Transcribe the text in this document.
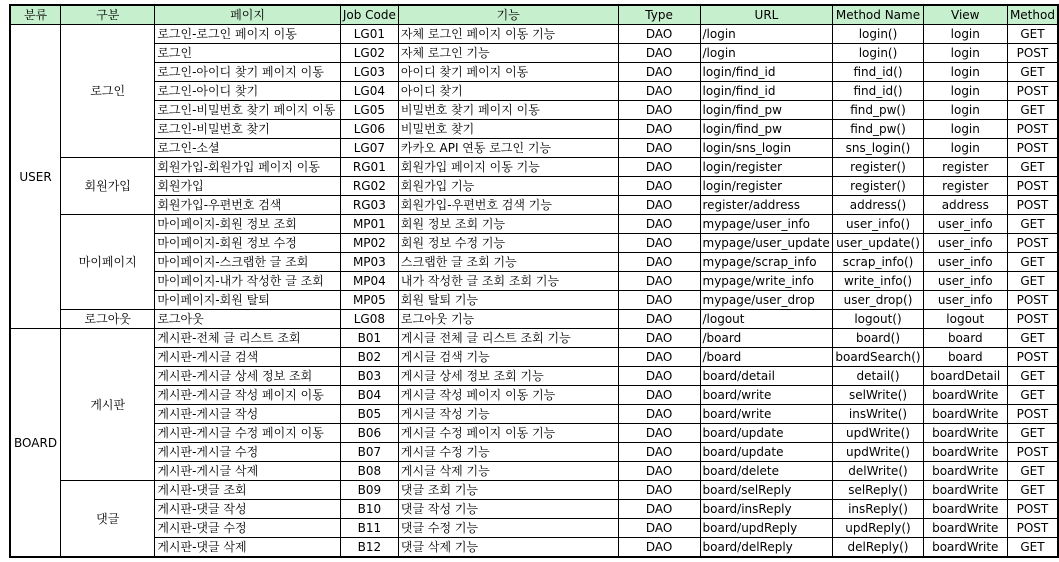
분류	구분	페이지	Job Code	기능	Type	URL	Method Name	View	Method
USER	로그인	로그인-로그인 페이지 이동	LG01	자체 로그인 페이지 이동 기능	DAO	/login	login()	login	GET
		로그인	LG02	자체 로그인 기능	DAO	/login	login()	login	POST
		로그인-아이디 찾기 페이지 이동	LG03	아이디 찾기 페이지 이동	DAO	login/find_id	find_id()	login	GET
		로그인-아이디 찾기	LG04	아이디 찾기	DAO	login/find_id	find_id()	login	POST
		로그인-비밀번호 찾기 페이지 이동	LG05	비밀번호 찾기 페이지 이동	DAO	login/find_pw	find_pw()	login	GET
		로그인-비밀번호 찾기	LG06	비밀번호 찾기	DAO	login/find_pw	find_pw()	login	POST
		로그인-소셜	LG07	카카오 API 연동 로그인 기능	DAO	login/sns_login	sns_login()	login	POST
	회원가입	회원가입-회원가입 페이지 이동	RG01	회원가입 페이지 이동 기능	DAO	login/register	register()	register	GET
		회원가입	RG02	회원가입 기능	DAO	login/register	register()	register	POST
		회원가입-우편번호 검색	RG03	회원가입-우편번호 검색 기능	DAO	register/address	address()	address	POST
	마이페이지	마이페이지-회원 정보 조회	MP01	회원 정보 조회 기능	DAO	mypage/user_info	user_info()	user_info	GET
		마이페이지-회원 정보 수정	MP02	회원 정보 수정 기능	DAO	mypage/user_update	user_update()	user_info	POST
		마이페이지-스크랩한 글 조회	MP03	스크랩한 글 조회 기능	DAO	mypage/scrap_info	scrap_info()	user_info	GET
		마이페이지-내가 작성한 글 조회	MP04	내가 작성한 글 조회 조회 기능	DAO	mypage/write_info	write_info()	user_info	GET
		마이페이지-회원 탈퇴	MP05	회원 탈퇴 기능	DAO	mypage/user_drop	user_drop()	user_info	POST
	로그아웃	로그아웃	LG08	로그아웃 기능	DAO	/logout	logout()	logout	POST
BOARD	게시판	게시판-전체 글 리스트 조회	B01	게시글 전체 글 리스트 조회 기능	DAO	/board	board()	board	GET
		게시판-게시글 검색	B02	게시글 검색 기능	DAO	/board	boardSearch()	board	POST
		게시판-게시글 상세 정보 조회	B03	게시글 상세 정보 조회 기능	DAO	board/detail	detail()	boardDetail	GET
		게시판-게시글 작성 페이지 이동	B04	게시글 작성 페이지 이동 기능	DAO	board/write	selWrite()	boardWrite	GET
		게시판-게시글 작성	B05	게시글 작성 기능	DAO	board/write	insWrite()	boardWrite	POST
		게시판-게시글 수정 페이지 이동	B06	게시글 수정 페이지 이동 기능	DAO	board/update	updWrite()	boardWrite	GET
		게시판-게시글 수정	B07	게시글 수정 기능	DAO	board/update	updWrite()	boardWrite	POST
		게시판-게시글 삭제	B08	게시글 삭제 기능	DAO	board/delete	delWrite()	boardWrite	GET
	댓글	게시판-댓글 조회	B09	댓글 조회 기능	DAO	board/selReply	selReply()	boardWrite	GET
		게시판-댓글 작성	B10	댓글 작성 기능	DAO	board/insReply	insReply()	boardWrite	POST
		게시판-댓글 수정	B11	댓글 수정 기능	DAO	board/updReply	updReply()	boardWrite	POST
		게시판-댓글 삭제	B12	댓글 삭제 기능	DAO	board/delReply	delReply()	boardWrite	GET
